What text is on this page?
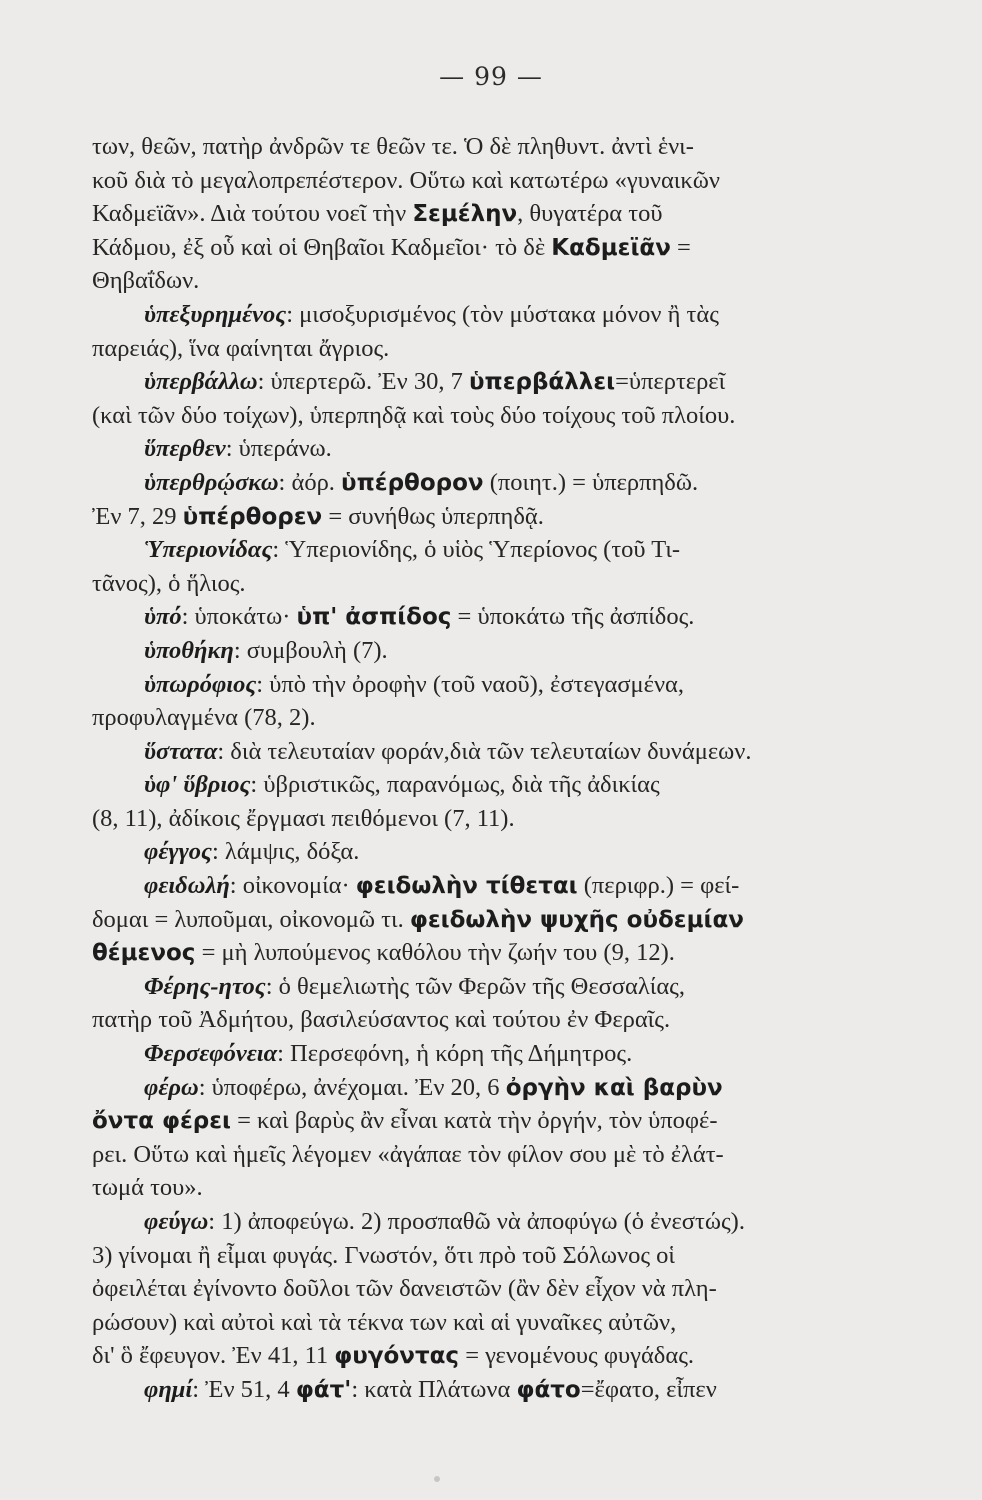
— 99 —
των, θεῶν, πατὴρ ἀνδρῶν τε θεῶν τε. Ὁ δὲ πληθυντ. ἀντὶ ἑνι-
κοῦ διὰ τὸ μεγαλοπρεπέστερον. Οὕτω καὶ κατωτέρω «γυναικῶν
Καδμεϊᾶν». Διὰ τούτου νοεῖ τὴν Σεμέλην, θυγατέρα τοῦ
Κάδμου, ἐξ οὗ καὶ οἱ Θηβαῖοι Καδμεῖοι· τὸ δὲ Καδμεϊᾶν =
Θηβαΐδων.
ὑπεξυρημένος: μισοξυρισμένος (τὸν μύστακα μόνον ἢ τὰς
παρειάς), ἵνα φαίνηται ἄγριος.
ὑπερβάλλω: ὑπερτερῶ. Ἐν 30, 7 ὑπερβάλλει=ὑπερτερεῖ
(καὶ τῶν δύο τοίχων), ὑπερπηδᾷ καὶ τοὺς δύο τοίχους τοῦ πλοίου.
ὕπερθεν: ὑπεράνω.
ὑπερθρῴσκω: ἀόρ. ὑπέρθορον (ποιητ.) = ὑπερπηδῶ.
Ἐν 7, 29 ὑπέρθορεν = συνήθως ὑπερπηδᾷ.
Ὑπεριονίδας: Ὑπεριονίδης, ὁ υἱὸς Ὑπερίονος (τοῦ Τι-
τᾶνος), ὁ ἥλιος.
ὑπό: ὑποκάτω· ὑπ' ἀσπίδος = ὑποκάτω τῆς ἀσπίδος.
ὑποθήκη: συμβουλὴ (7).
ὑπωρόφιος: ὑπὸ τὴν ὀροφὴν (τοῦ ναοῦ), ἐστεγασμένα,
προφυλαγμένα (78, 2).
ὕστατα: διὰ τελευταίαν φοράν,διὰ τῶν τελευταίων δυνάμεων.
ὑφ' ὕβριος: ὑβριστικῶς, παρανόμως, διὰ τῆς ἀδικίας
(8, 11), ἀδίκοις ἔργμασι πειθόμενοι (7, 11).
φέγγος: λάμψις, δόξα.
φειδωλή: οἰκονομία· φειδωλὴν τίθεται (περιφρ.) = φεί-
δομαι = λυποῦμαι, οἰκονομῶ τι. φειδωλὴν ψυχῆς οὐδεμίαν
θέμενος = μὴ λυπούμενος καθόλου τὴν ζωήν του (9, 12).
Φέρης-ητος: ὁ θεμελιωτὴς τῶν Φερῶν τῆς Θεσσαλίας,
πατὴρ τοῦ Ἀδμήτου, βασιλεύσαντος καὶ τούτου ἐν Φεραῖς.
Φερσεφόνεια: Περσεφόνη, ἡ κόρη τῆς Δήμητρος.
φέρω: ὑποφέρω, ἀνέχομαι. Ἐν 20, 6 ὀργὴν καὶ βαρὺν
ὄντα φέρει = καὶ βαρὺς ἂν εἶναι κατὰ τὴν ὀργήν, τὸν ὑποφέ-
ρει. Οὕτω καὶ ἡμεῖς λέγομεν «ἀγάπαε τὸν φίλον σου μὲ τὸ ἐλάτ-
τωμά του».
φεύγω: 1) ἀποφεύγω. 2) προσπαθῶ νὰ ἀποφύγω (ὁ ἐνεστώς).
3) γίνομαι ἢ εἶμαι φυγάς. Γνωστόν, ὅτι πρὸ τοῦ Σόλωνος οἱ
ὀφειλέται ἐγίνοντο δοῦλοι τῶν δανειστῶν (ἂν δὲν εἶχον νὰ πλη-
ρώσουν) καὶ αὐτοὶ καὶ τὰ τέκνα των καὶ αἱ γυναῖκες αὐτῶν,
δι' ὃ ἔφευγον. Ἐν 41, 11 φυγόντας = γενομένους φυγάδας.
φημί: Ἐν 51, 4 φάτ': κατὰ Πλάτωνα φάτο=ἔφατο, εἶπεν
